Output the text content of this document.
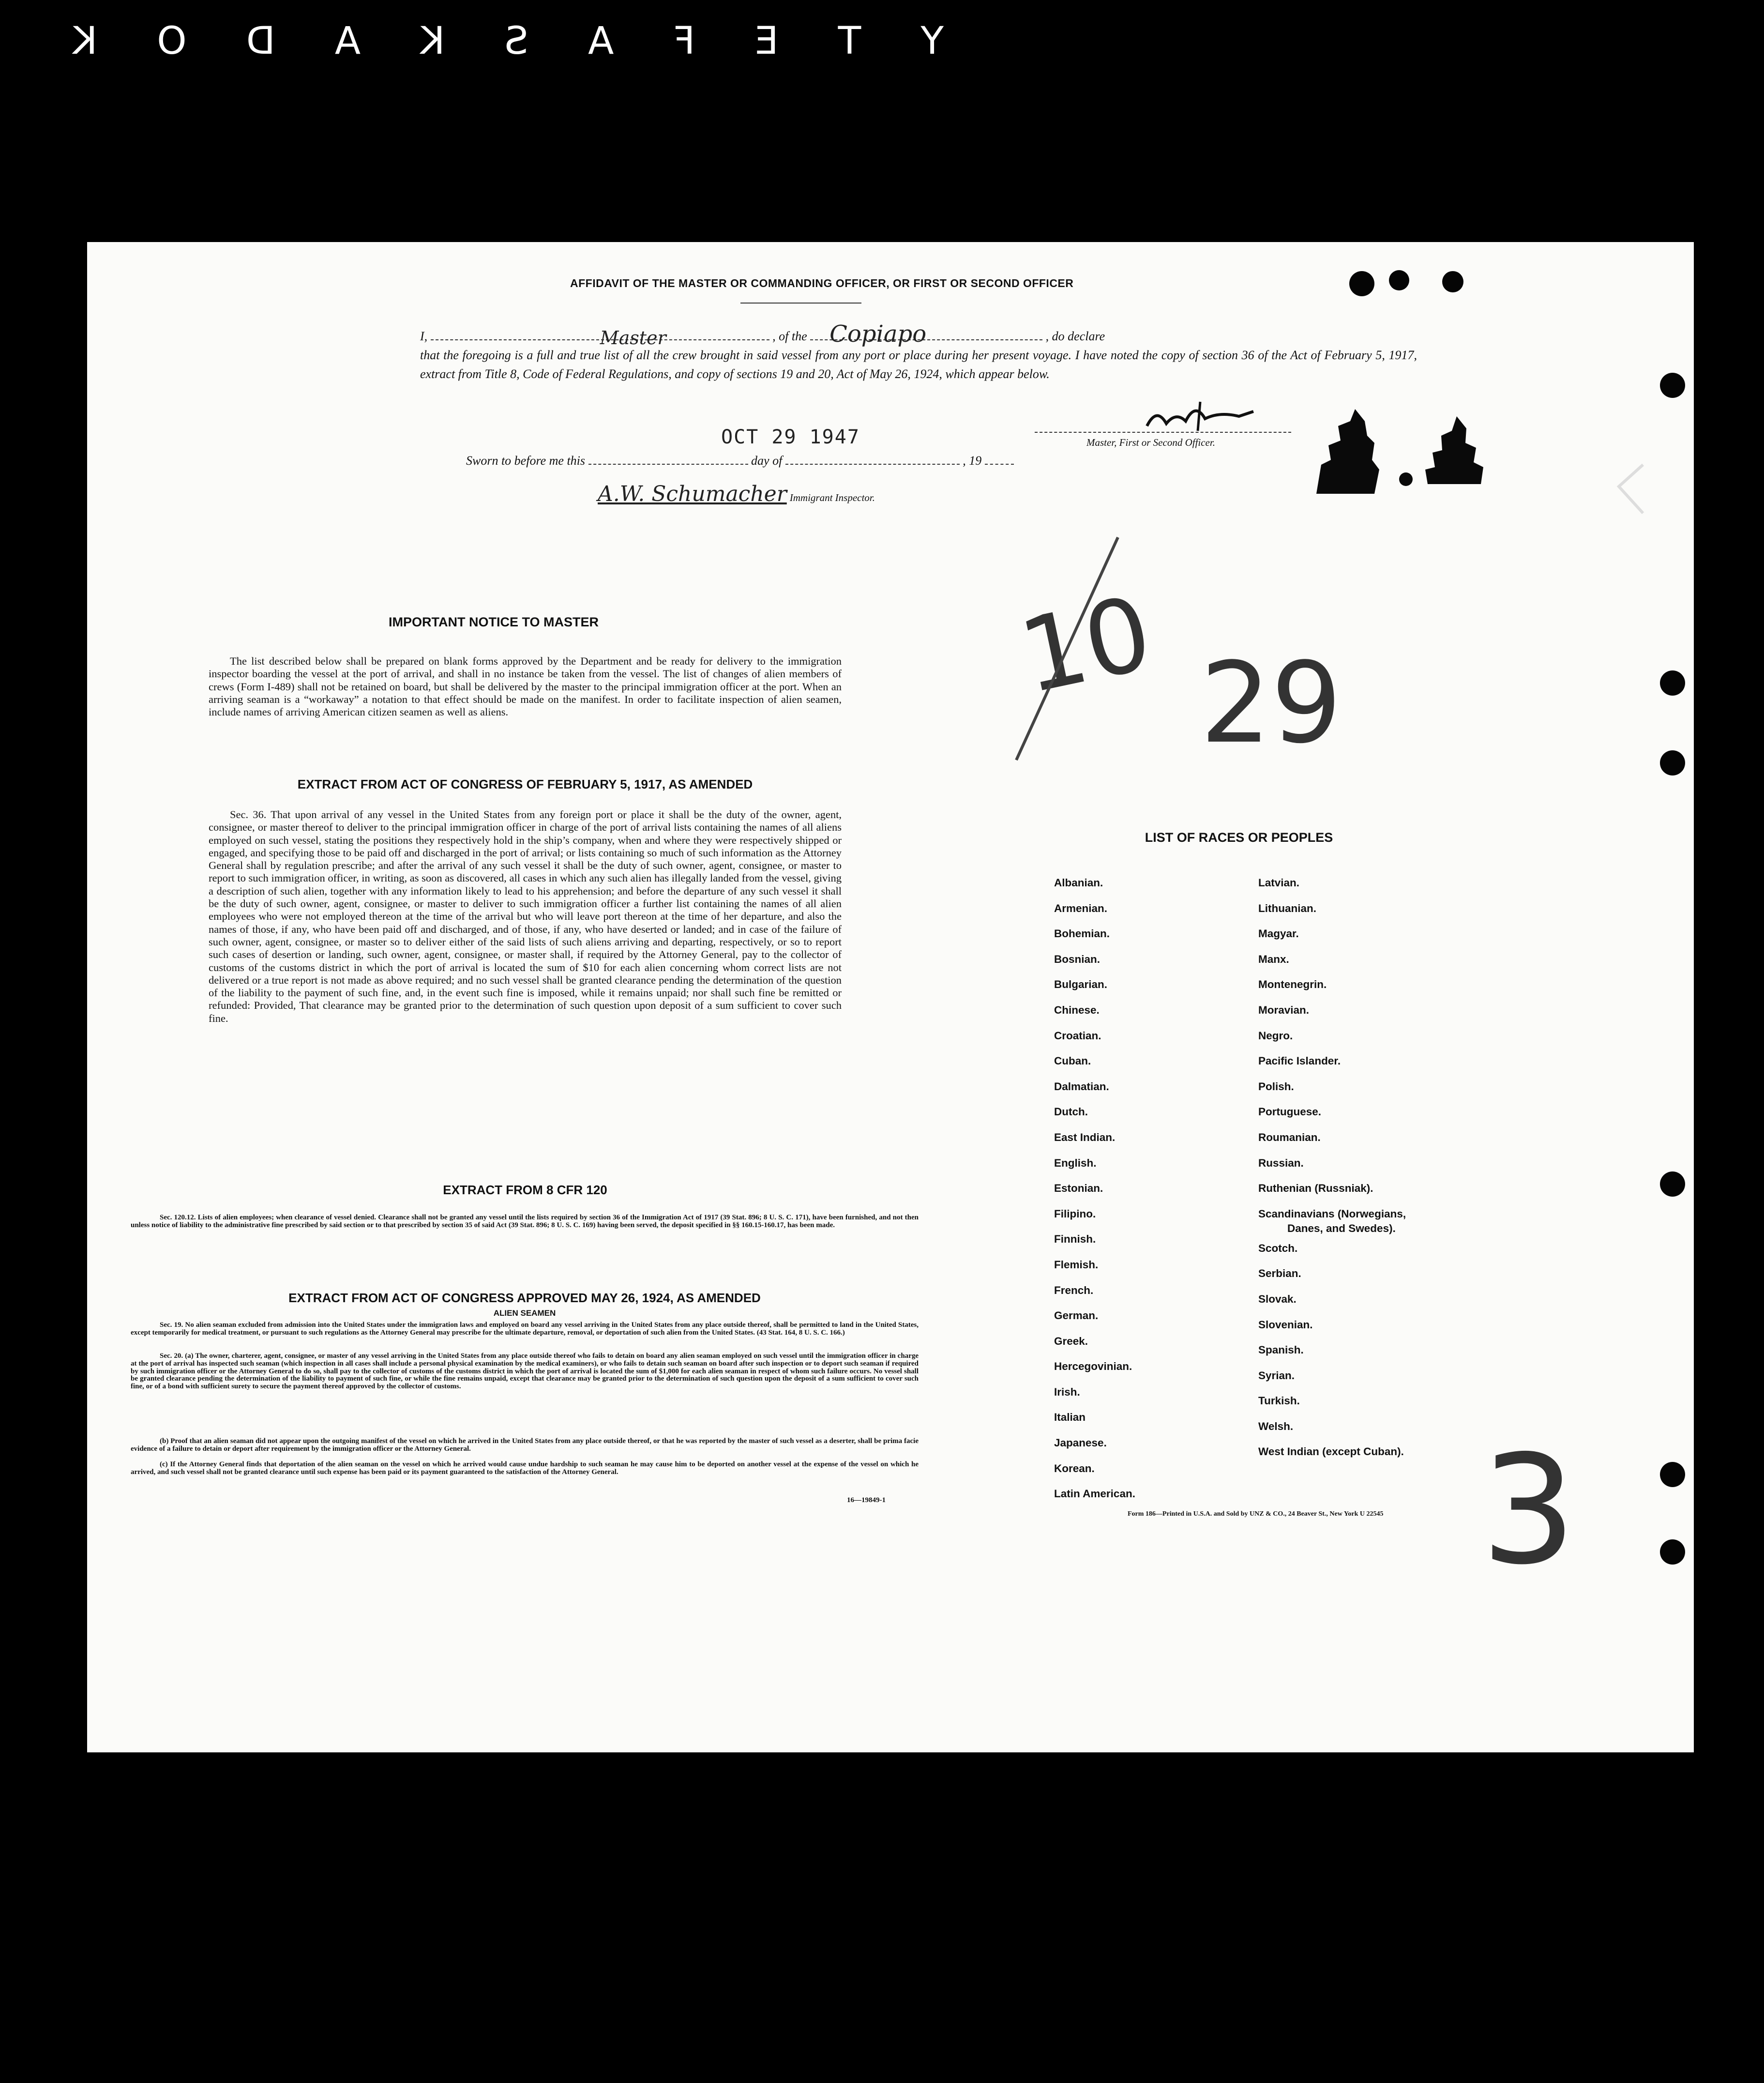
Y
T
E
F
A
S
K
A
D
O
K
AFFIDAVIT OF THE MASTER OR COMMANDING OFFICER, OR FIRST OR SECOND OFFICER
I,	Master	, of the Copiapo	, do declare
that the foregoing is a full and true list of all the crew brought in said vessel from any port or place during her present voyage. I have noted the copy of section 36 of the Act of February 5, 1917, extract from Title 8, Code of Federal Regulations, and copy of sections 19 and 20, Act of May 26, 1924, which appear below.
OCT 29 1947
Sworn to before me this	day of	, 19
Master, First or Second Officer.
A.W. Schumacher Immigrant Inspector.
IMPORTANT NOTICE TO MASTER
The list described below shall be prepared on blank forms approved by the Department and be ready for delivery to the immigration inspector boarding the vessel at the port of arrival, and shall in no instance be taken from the vessel. The list of changes of alien members of crews (Form I-489) shall not be retained on board, but shall be delivered by the master to the principal immigration officer at the port. When an arriving seaman is a “workaway” a notation to that effect should be made on the manifest. In order to facilitate inspection of alien seamen, include names of arriving American citizen seamen as well as aliens.
EXTRACT FROM ACT OF CONGRESS OF FEBRUARY 5, 1917, AS AMENDED
Sec. 36. That upon arrival of any vessel in the United States from any foreign port or place it shall be the duty of the owner, agent, consignee, or master thereof to deliver to the principal immigration officer in charge of the port of arrival lists containing the names of all aliens employed on such vessel, stating the positions they respectively hold in the ship’s company, when and where they were respectively shipped or engaged, and specifying those to be paid off and discharged in the port of arrival; or lists containing so much of such information as the Attorney General shall by regulation prescribe; and after the arrival of any such vessel it shall be the duty of such owner, agent, consignee, or master to report to such immigration officer, in writing, as soon as discovered, all cases in which any such alien has illegally landed from the vessel, giving a description of such alien, together with any information likely to lead to his apprehension; and before the departure of any such vessel it shall be the duty of such owner, agent, consignee, or master to deliver to such immigration officer a further list containing the names of all alien employees who were not employed thereon at the time of the arrival but who will leave port thereon at the time of her departure, and also the names of those, if any, who have been paid off and discharged, and of those, if any, who have deserted or landed; and in case of the failure of such owner, agent, consignee, or master so to deliver either of the said lists of such aliens arriving and departing, respectively, or so to report such cases of desertion or landing, such owner, agent, consignee, or master shall, if required by the Attorney General, pay to the collector of customs of the customs district in which the port of arrival is located the sum of $10 for each alien concerning whom correct lists are not delivered or a true report is not made as above required; and no such vessel shall be granted clearance pending the determination of the question of the liability to the payment of such fine, and, in the event such fine is imposed, while it remains unpaid; nor shall such fine be remitted or refunded: Provided, That clearance may be granted prior to the determination of such question upon deposit of a sum sufficient to cover such fine.
EXTRACT FROM 8 CFR 120
Sec. 120.12. Lists of alien employees; when clearance of vessel denied. Clearance shall not be granted any vessel until the lists required by section 36 of the Immigration Act of 1917 (39 Stat. 896; 8 U. S. C. 171), have been furnished, and not then unless notice of liability to the administrative fine prescribed by said section or to that prescribed by section 35 of said Act (39 Stat. 896; 8 U. S. C. 169) having been served, the deposit specified in §§ 160.15-160.17, has been made.
EXTRACT FROM ACT OF CONGRESS APPROVED MAY 26, 1924, AS AMENDED
ALIEN SEAMEN
Sec. 19. No alien seaman excluded from admission into the United States under the immigration laws and employed on board any vessel arriving in the United States from any place outside thereof, shall be permitted to land in the United States, except temporarily for medical treatment, or pursuant to such regulations as the Attorney General may prescribe for the ultimate departure, removal, or deportation of such alien from the United States. (43 Stat. 164, 8 U. S. C. 166.)
Sec. 20. (a) The owner, charterer, agent, consignee, or master of any vessel arriving in the United States from any place outside thereof who fails to detain on board any alien seaman employed on such vessel until the immigration officer in charge at the port of arrival has inspected such seaman (which inspection in all cases shall include a personal physical examination by the medical examiners), or who fails to detain such seaman on board after such inspection or to deport such seaman if required by such immigration officer or the Attorney General to do so, shall pay to the collector of customs of the customs district in which the port of arrival is located the sum of $1,000 for each alien seaman in respect of whom such failure occurs. No vessel shall be granted clearance pending the determination of the liability to payment of such fine, or while the fine remains unpaid, except that clearance may be granted prior to the determination of such question upon the deposit of a sum sufficient to cover such fine, or of a bond with sufficient surety to secure the payment thereof approved by the collector of customs.
(b) Proof that an alien seaman did not appear upon the outgoing manifest of the vessel on which he arrived in the United States from any place outside thereof, or that he was reported by the master of such vessel as a deserter, shall be prima facie evidence of a failure to detain or deport after requirement by the immigration officer or the Attorney General.
(c) If the Attorney General finds that deportation of the alien seaman on the vessel on which he arrived would cause undue hardship to such seaman he may cause him to be deported on another vessel at the expense of the vessel on which he arrived, and such vessel shall not be granted clearance until such expense has been paid or its payment guaranteed to the satisfaction of the Attorney General.
16—19849-1
LIST OF RACES OR PEOPLES
Albanian.
Armenian.
Bohemian.
Bosnian.
Bulgarian.
Chinese.
Croatian.
Cuban.
Dalmatian.
Dutch.
East Indian.
English.
Estonian.
Filipino.
Finnish.
Flemish.
French.
German.
Greek.
Hercegovinian.
Irish.
Italian
Japanese.
Korean.
Latin American.
Latvian.
Lithuanian.
Magyar.
Manx.
Montenegrin.
Moravian.
Negro.
Pacific Islander.
Polish.
Portuguese.
Roumanian.
Russian.
Ruthenian (Russniak).
Scandinavians (Norwegians,
Danes, and Swedes).
Scotch.
Serbian.
Slovak.
Slovenian.
Spanish.
Syrian.
Turkish.
Welsh.
West Indian (except Cuban).
Form 186—Printed in U.S.A. and Sold by UNZ & CO., 24 Beaver St., New York U 22545
10 29
3
